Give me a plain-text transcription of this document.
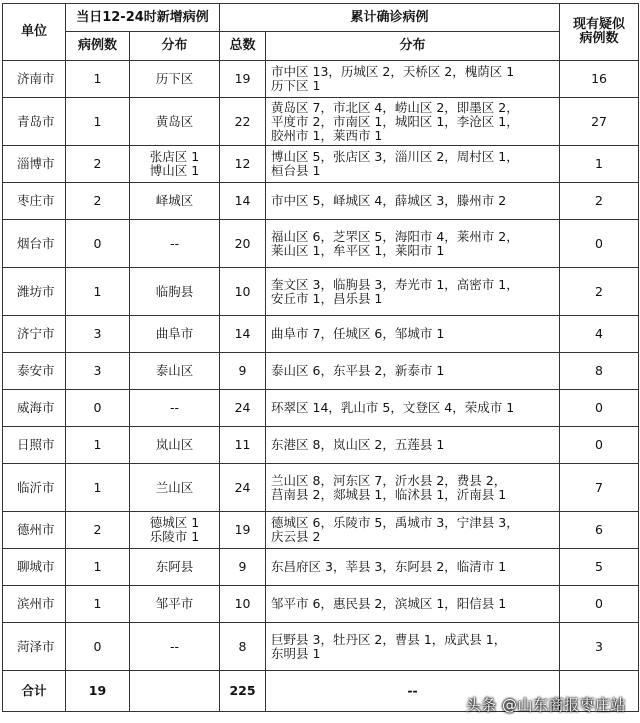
单位	当日12-24时新增病例		累计确诊病例		现有疑似
病例数
	病例数	分布	总数	分布	
济南市	1	历下区	19	市中区 13，历城区 2，天桥区 2，槐荫区 1
历下区 1	16
青岛市	1	黄岛区	22	黄岛区 7，市北区 4，崂山区 2，即墨区 2，
平度市 2，市南区 1，城阳区 1，李沧区 1，
胶州市 1，莱西市 1	27
淄博市	2	张店区 1
博山区 1	12	博山区 5，张店区 3，淄川区 2，周村区 1，
桓台县 1	1
枣庄市	2	峄城区	14	市中区 5，峄城区 4，薛城区 3，滕州市 2	2
烟台市	0	--	20	福山区 6，芝罘区 5，海阳市 4，莱州市 2，
莱山区 1，牟平区 1，莱阳市 1	0
潍坊市	1	临朐县	10	奎文区 3，临朐县 3，寿光市 1，高密市 1，
安丘市 1，昌乐县 1	2
济宁市	3	曲阜市	14	曲阜市 7，任城区 6，邹城市 1	4
泰安市	3	泰山区	9	泰山区 6，东平县 2，新泰市 1	8
威海市	0	--	24	环翠区 14，乳山市 5，文登区 4，荣成市 1	0
日照市	1	岚山区	11	东港区 8，岚山区 2，五莲县 1	0
临沂市	1	兰山区	24	兰山区 8，河东区 7，沂水县 2，费县 2，
莒南县 2，郯城县 1，临沭县 1，沂南县 1	7
德州市	2	德城区 1
乐陵市 1	19	德城区 6，乐陵市 5，禹城市 3，宁津县 3，
庆云县 2	6
聊城市	1	东阿县	9	东昌府区 3，莘县 3，东阿县 2，临清市 1	5
滨州市	1	邹平市	10	邹平市 6，惠民县 2，滨城区 1，阳信县 1	0
菏泽市	0	--	8	巨野县 3，牡丹区 2，曹县 1，成武县 1，
东明县 1	3
合计	19		225	--	
头条 @山东商报枣庄站
